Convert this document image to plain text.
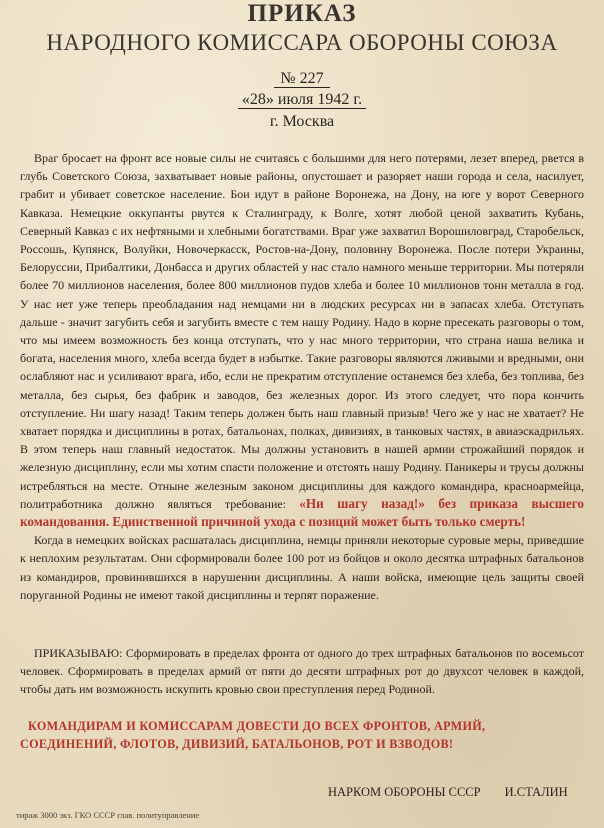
ПРИКАЗ
НАРОДНОГО КОМИССАРА ОБОРОНЫ СОЮЗА
№ 227
«28» июля 1942 г.
г. Москва

Враг бросает на фронт все новые силы не считаясь с большими для него потерями, лезет вперед, рвется в глубь Советского Союза, захватывает новые районы, опустошает и разоряет наши города и села, насилует, грабит и убивает советское население. Бои идут в районе Воронежа, на Дону, на юге у ворот Северного Кавказа. Немецкие оккупанты рвутся к Сталинграду, к Волге, хотят любой ценой захватить Кубань, Северный Кавказ с их нефтяными и хлебными богатствами. Враг уже захватил Ворошиловград, Старобельск, Россошь, Купянск, Волуйки, Новочеркасск, Ростов-на-Дону, половину Воронежа. После потери Украины, Белоруссии, Прибалтики, Донбасса и других областей у нас стало намного меньше территории. Мы потеряли более 70 миллионов населения, более 800 миллионов пудов хлеба и более 10 миллионов тонн металла в год. У нас нет уже теперь преобладания над немцами ни в людских ресурсах ни в запасах хлеба. Отступать дальше - значит загубить себя и загубить вместе с тем нашу Родину. Надо в корне пресекать разговоры о том, что мы имеем возможность без конца отступать, что у нас много территории, что страна наша велика и богата, населения много, хлеба всегда будет в избытке. Такие разговоры являются лживыми и вредными, они ослабляют нас и усиливают врага, ибо, если не прекратим отступление останемся без хлеба, без топлива, без металла, без сырья, без фабрик и заводов, без железных дорог. Из этого следует, что пора кончить отступление. Ни шагу назад! Таким теперь должен быть наш главный призыв! Чего же у нас не хватает? Не хватает порядка и дисциплины в ротах, батальонах, полках, дивизиях, в танковых частях, в авиаэскадрильях. В этом теперь наш главный недостаток. Мы должны установить в нашей армии строжайший порядок и железную дисциплину, если мы хотим спасти положение и отстоять нашу Родину. Паникеры и трусы должны истребляться на месте. Отныне железным законом дисциплины для каждого командира, красноармейца, политработника должно являться требование: «Ни шагу назад!» без приказа высшего командования. Единственной причиной ухода с позиций может быть только смерть!

Когда в немецких войсках расшаталась дисциплина, немцы приняли некоторые суровые меры, приведшие к неплохим результатам. Они сформировали более 100 рот из бойцов и около десятка штрафных батальонов из командиров, провинившихся в нарушении дисциплины. А наши войска, имеющие цель защиты своей поруганной Родины не имеют такой дисциплины и терпят поражение.

ПРИКАЗЫВАЮ: Сформировать в пределах фронта от одного до трех штрафных батальонов по восемьсот человек. Сформировать в пределах армий от пяти до десяти штрафных рот до двухсот человек в каждой, чтобы дать им возможность искупить кровью свои преступления перед Родиной.

КОМАНДИРАМ И КОМИССАРАМ ДОВЕСТИ ДО ВСЕХ ФРОНТОВ, АРМИЙ, СОЕДИНЕНИЙ, ФЛОТОВ, ДИВИЗИЙ, БАТАЛЬОНОВ, РОТ И ВЗВОДОВ!
НАРКОМ ОБОРОНЫ СССР И.СТАЛИН
тираж 3000 экз. ГКО СССР глав. политуправление
